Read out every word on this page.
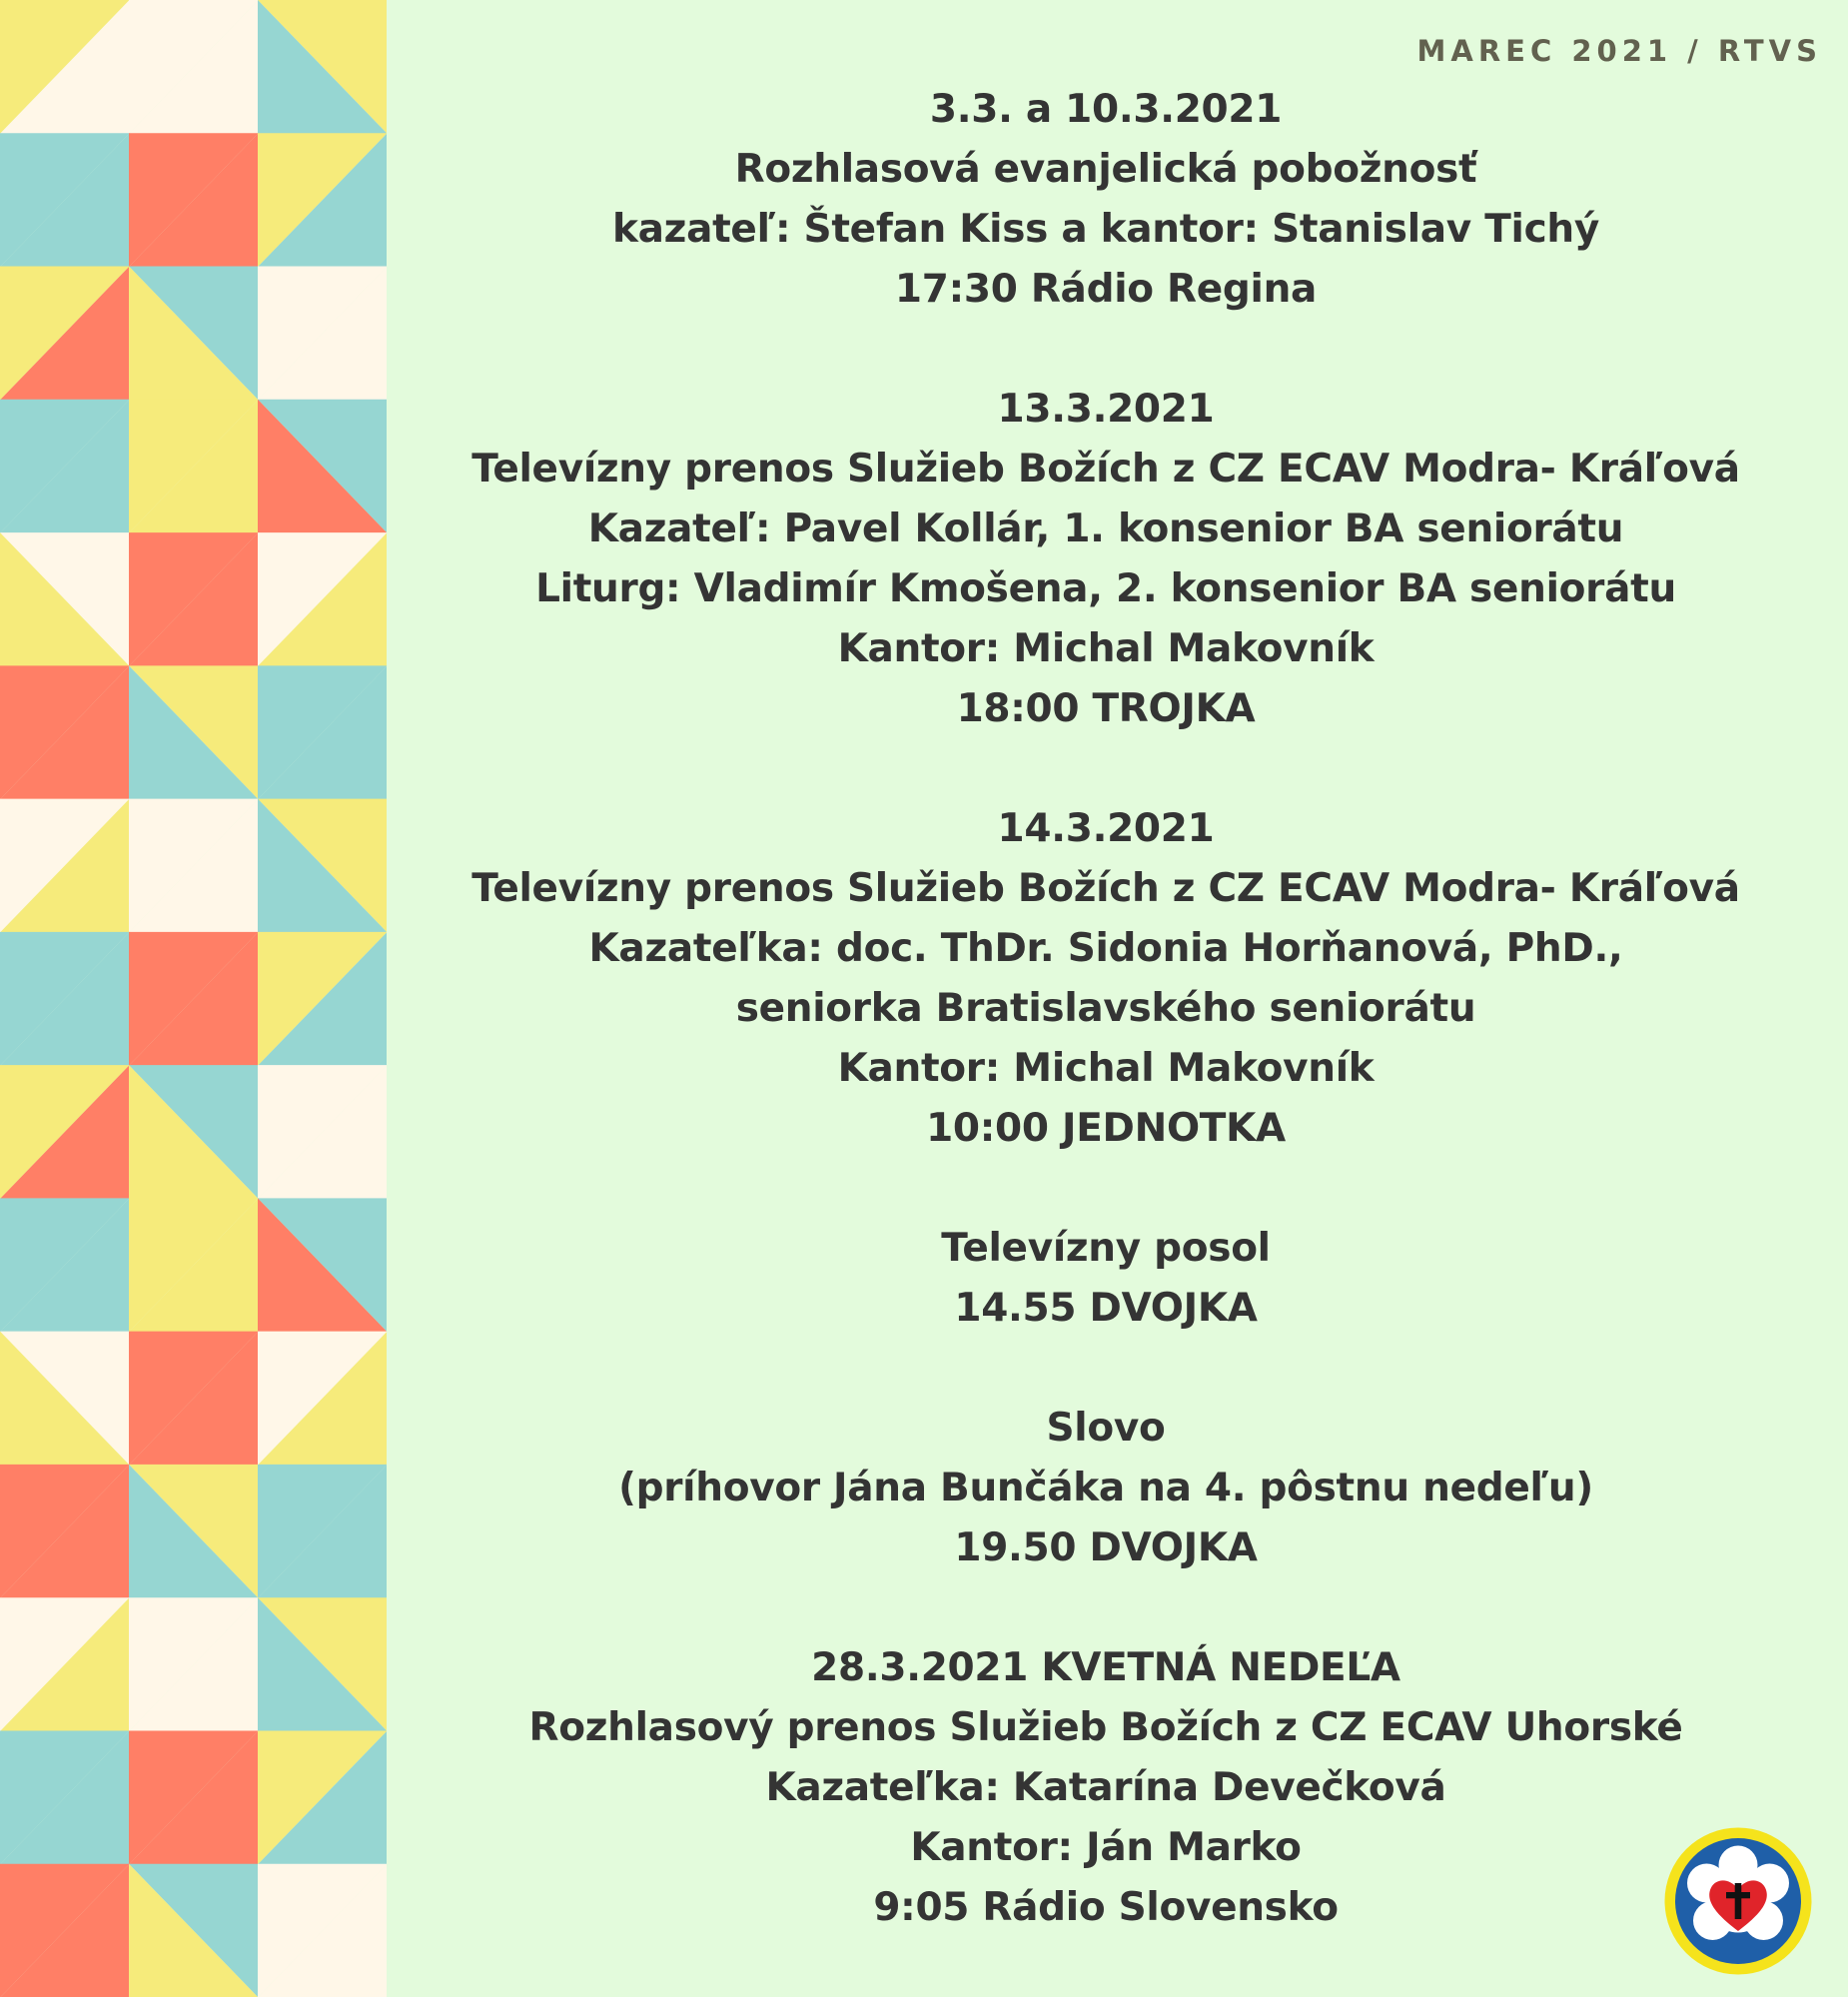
MAREC 2021 / RTVS
3.3. a 10.3.2021
Rozhlasová evanjelická pobožnosť
kazateľ: Štefan Kiss a kantor: Stanislav Tichý
17:30 Rádio Regina
13.3.2021
Televízny prenos Služieb Božích z CZ ECAV Modra- Kráľová
Kazateľ: Pavel Kollár, 1. konsenior BA seniorátu
Liturg: Vladimír Kmošena, 2. konsenior BA seniorátu
Kantor: Michal Makovník
18:00 TROJKA
14.3.2021
Televízny prenos Služieb Božích z CZ ECAV Modra- Kráľová
Kazateľka: doc. ThDr. Sidonia Horňanová, PhD.,
seniorka Bratislavského seniorátu
Kantor: Michal Makovník
10:00 JEDNOTKA
Televízny posol
14.55 DVOJKA
Slovo
(príhovor Jána Bunčáka na 4. pôstnu nedeľu)
19.50 DVOJKA
28.3.2021 KVETNÁ NEDEĽA
Rozhlasový prenos Služieb Božích z CZ ECAV Uhorské
Kazateľka: Katarína Devečková
Kantor: Ján Marko
9:05 Rádio Slovensko
